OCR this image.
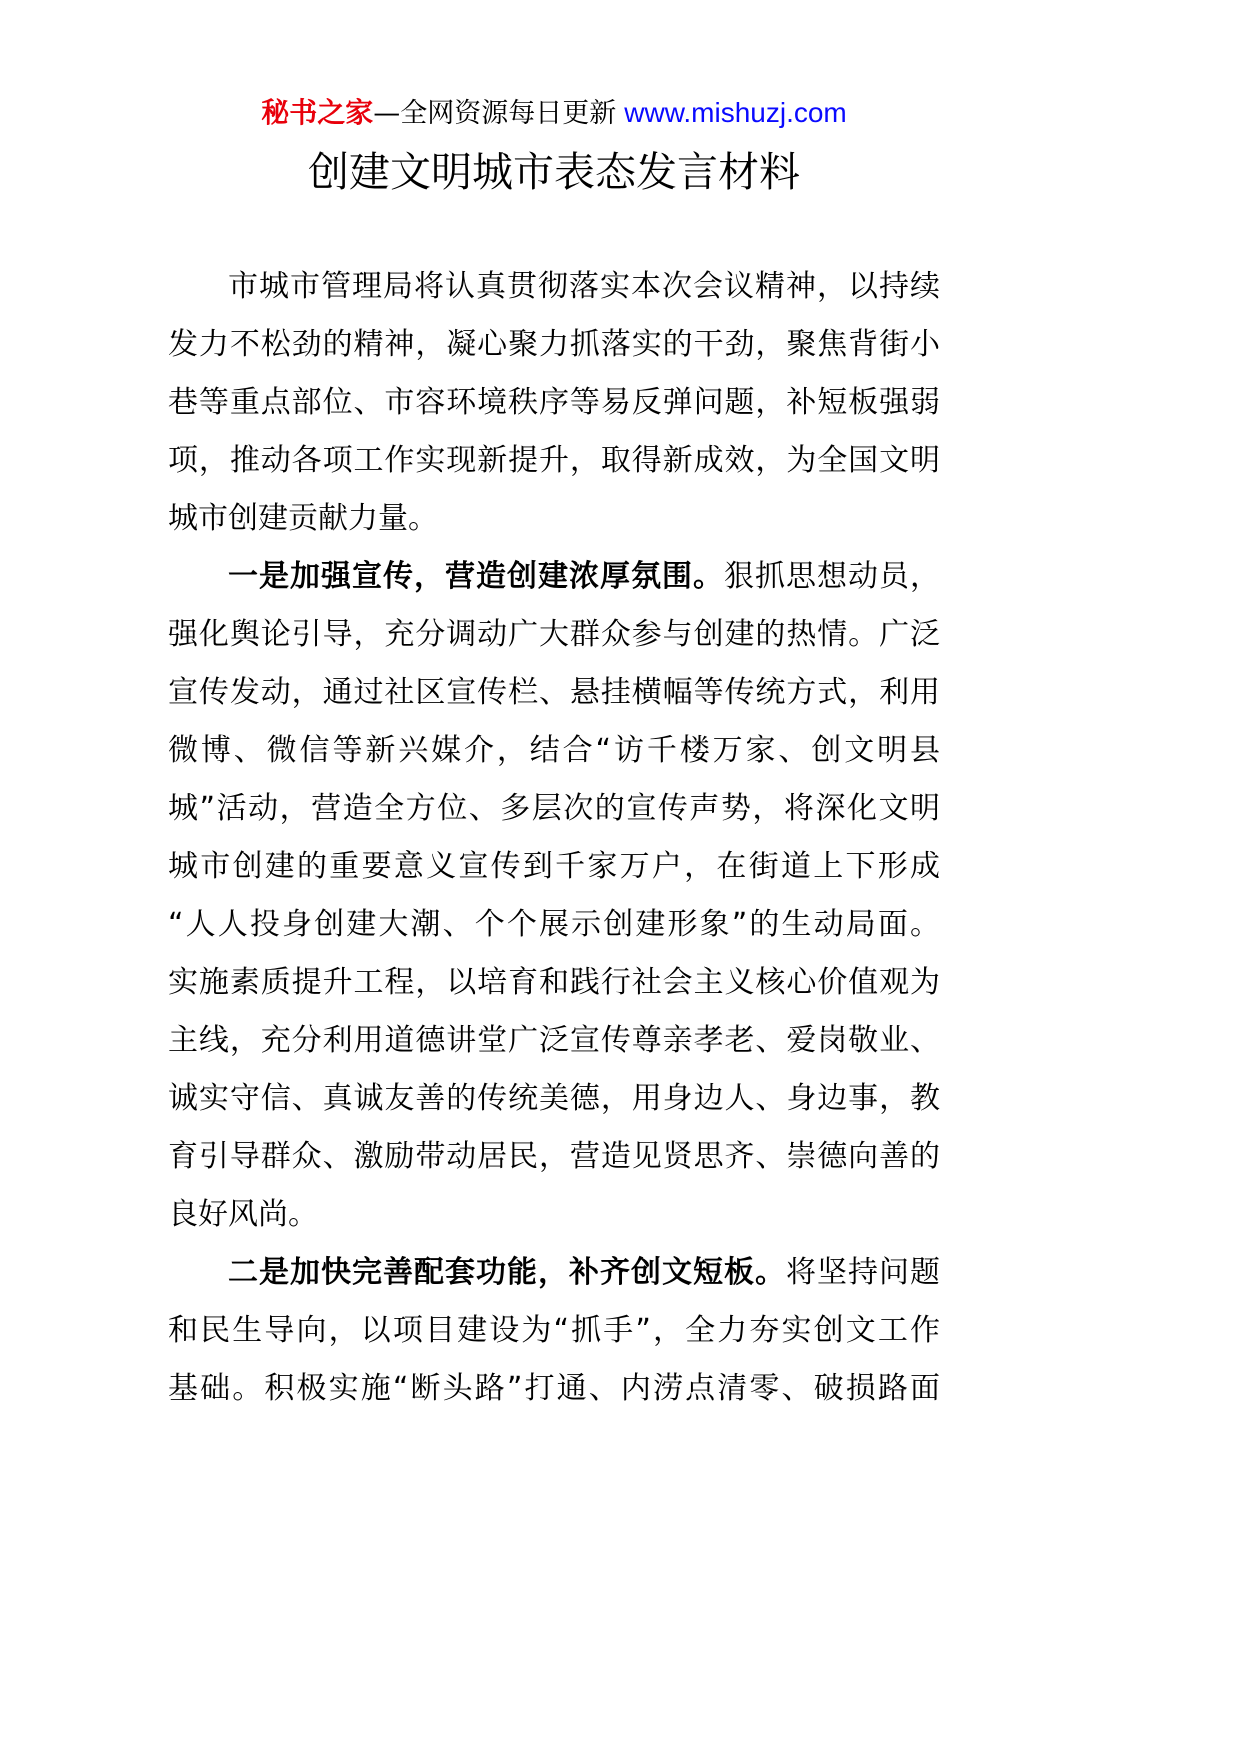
秘书之家—全网资源每日更新 www.mishuzj.com
创建文明城市表态发言材料
市城市管理局将认真贯彻落实本次会议精神，以持续
发力不松劲的精神，凝心聚力抓落实的干劲，聚焦背街小
巷等重点部位、市容环境秩序等易反弹问题，补短板强弱
项，推动各项工作实现新提升，取得新成效，为全国文明
城市创建贡献力量。
一是加强宣传，营造创建浓厚氛围。狠抓思想动员，
强化舆论引导，充分调动广大群众参与创建的热情。广泛
宣传发动，通过社区宣传栏、悬挂横幅等传统方式，利用
微博、微信等新兴媒介，结合“访千楼万家、创文明县
城”活动，营造全方位、多层次的宣传声势，将深化文明
城市创建的重要意义宣传到千家万户，在街道上下形成
“人人投身创建大潮、个个展示创建形象”的生动局面。
实施素质提升工程，以培育和践行社会主义核心价值观为
主线，充分利用道德讲堂广泛宣传尊亲孝老、爱岗敬业、
诚实守信、真诚友善的传统美德，用身边人、身边事，教
育引导群众、激励带动居民，营造见贤思齐、崇德向善的
良好风尚。
二是加快完善配套功能，补齐创文短板。将坚持问题
和民生导向，以项目建设为“抓手”，全力夯实创文工作
基础。积极实施“断头路”打通、内涝点清零、破损路面
